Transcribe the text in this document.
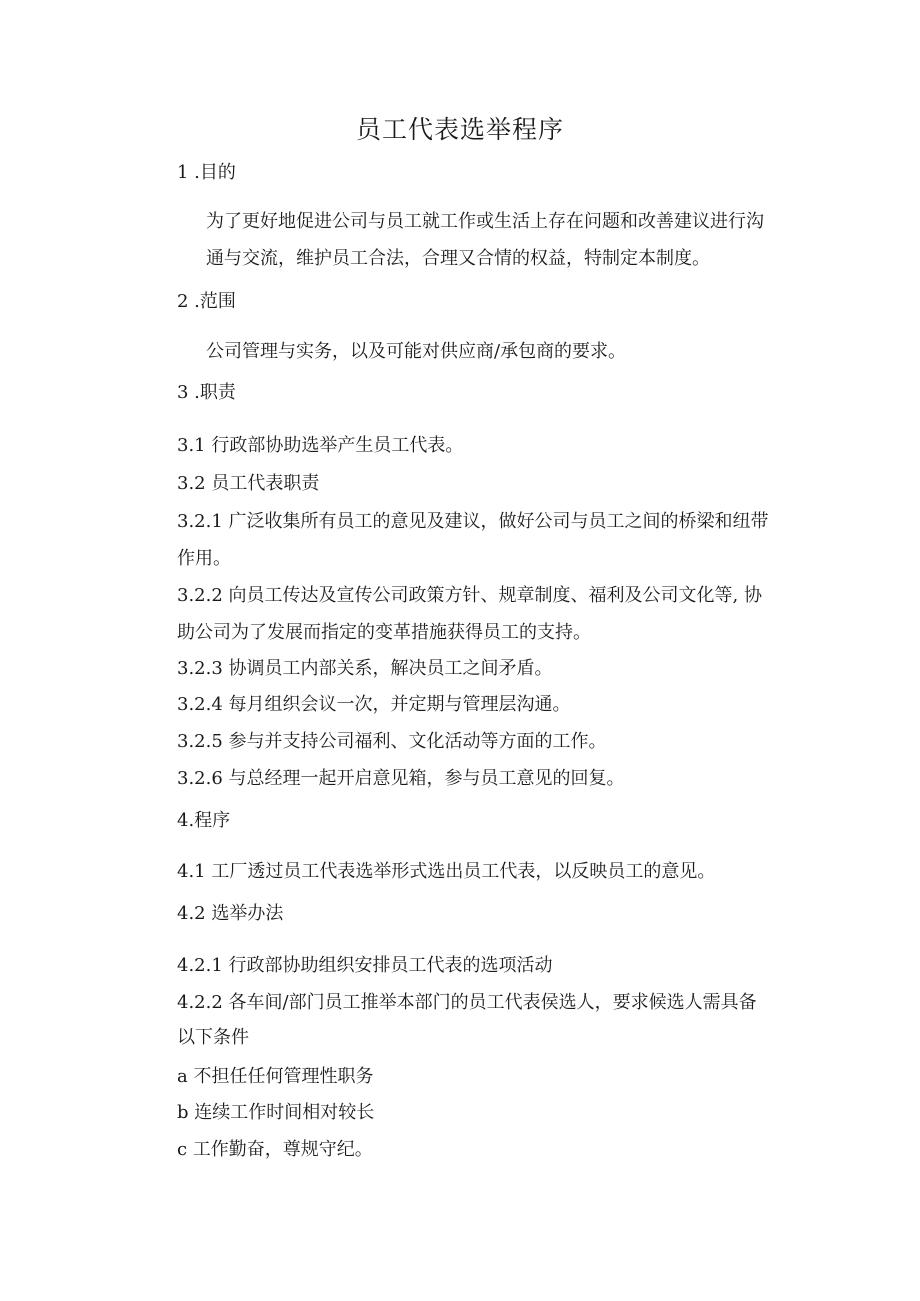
员工代表选举程序
1 .目的
为了更好地促进公司与员工就工作或生活上存在问题和改善建议进行沟
通与交流，维护员工合法，合理又合情的权益，特制定本制度。
2 .范围
公司管理与实务，以及可能对供应商/承包商的要求。
3 .职责
3.1 行政部协助选举产生员工代表。
3.2 员工代表职责
3.2.1 广泛收集所有员工的意见及建议，做好公司与员工之间的桥梁和纽带
作用。
3.2.2 向员工传达及宣传公司政策方针、规章制度、福利及公司文化等, 协
助公司为了发展而指定的变革措施获得员工的支持。
3.2.3 协调员工内部关系，解决员工之间矛盾。
3.2.4 每月组织会议一次，并定期与管理层沟通。
3.2.5 参与并支持公司福利、文化活动等方面的工作。
3.2.6 与总经理一起开启意见箱，参与员工意见的回复。
4.程序
4.1 工厂透过员工代表选举形式选出员工代表，以反映员工的意见。
4.2 选举办法
4.2.1 行政部协助组织安排员工代表的选项活动
4.2.2 各车间/部门员工推举本部门的员工代表侯选人，要求候选人需具备
以下条件
a 不担任任何管理性职务
b 连续工作时间相对较长
c 工作勤奋，尊规守纪。
